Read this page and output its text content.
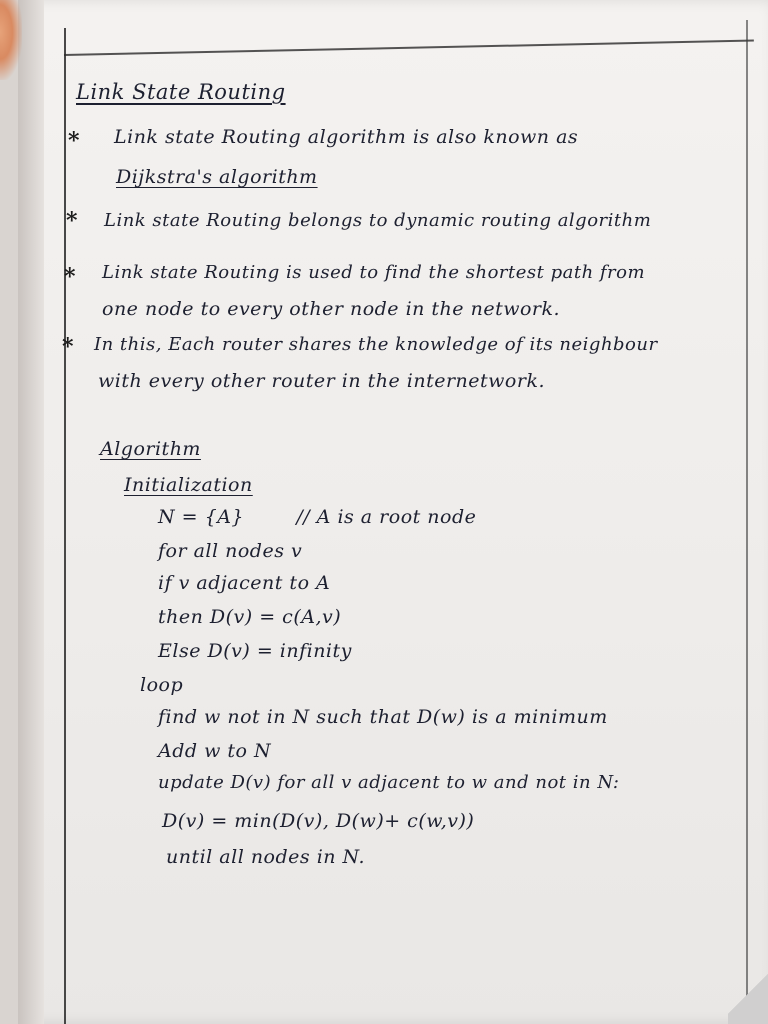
Link State Routing
* Link state Routing algorithm is also known as
Dijkstra's algorithm
* Link state Routing belongs to dynamic routing algorithm
* Link state Routing is used to find the shortest path from
one node to every other node in the network.
* In this, Each router shares the knowledge of its neighbour
with every other router in the internetwork.
Algorithm
Initialization
N = {A}        // A is a root node
for all nodes v
if v adjacent to A
then D(v) = c(A,v)
Else D(v) = infinity
loop
find w not in N such that D(w) is a minimum
Add w to N
update D(v) for all v adjacent to w and not in N:
D(v) = min(D(v), D(w)+ c(w,v))
until all nodes in N.
